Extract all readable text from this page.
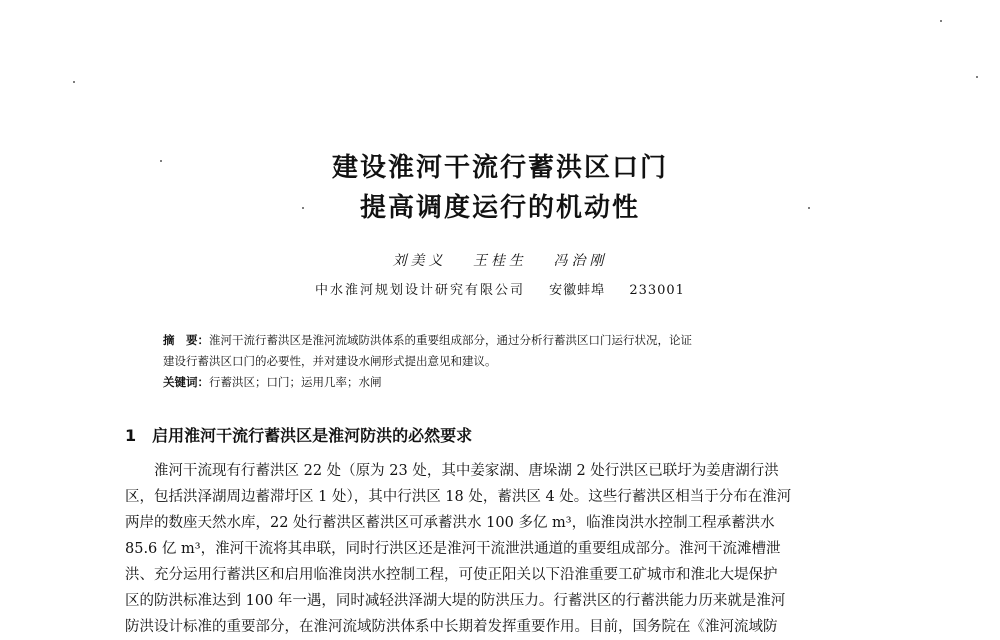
建设淮河干流行蓄洪区口门
提高调度运行的机动性
刘美义 王桂生 冯治刚
中水淮河规划设计研究有限公司 安徽蚌埠 233001
摘　要：淮河干流行蓄洪区是淮河流域防洪体系的重要组成部分，通过分析行蓄洪区口门运行状况，论证
建设行蓄洪区口门的必要性，并对建设水闸形式提出意见和建议。
关键词：行蓄洪区；口门；运用几率；水闸
1 启用淮河干流行蓄洪区是淮河防洪的必然要求
　　淮河干流现有行蓄洪区 22 处（原为 23 处，其中姜家湖、唐垛湖 2 处行洪区已联圩为姜唐湖行洪
区，包括洪泽湖周边蓄滞圩区 1 处），其中行洪区 18 处，蓄洪区 4 处。这些行蓄洪区相当于分布在淮河
两岸的数座天然水库，22 处行蓄洪区蓄洪区可承蓄洪水 100 多亿 m³，临淮岗洪水控制工程承蓄洪水
85.6 亿 m³，淮河干流将其串联，同时行洪区还是淮河干流泄洪通道的重要组成部分。淮河干流滩槽泄
洪、充分运用行蓄洪区和启用临淮岗洪水控制工程，可使正阳关以下沿淮重要工矿城市和淮北大堤保护
区的防洪标准达到 100 年一遇，同时减轻洪泽湖大堤的防洪压力。行蓄洪区的行蓄洪能力历来就是淮河
防洪设计标准的重要部分，在淮河流域防洪体系中长期着发挥重要作用。目前，国务院在《淮河流域防
